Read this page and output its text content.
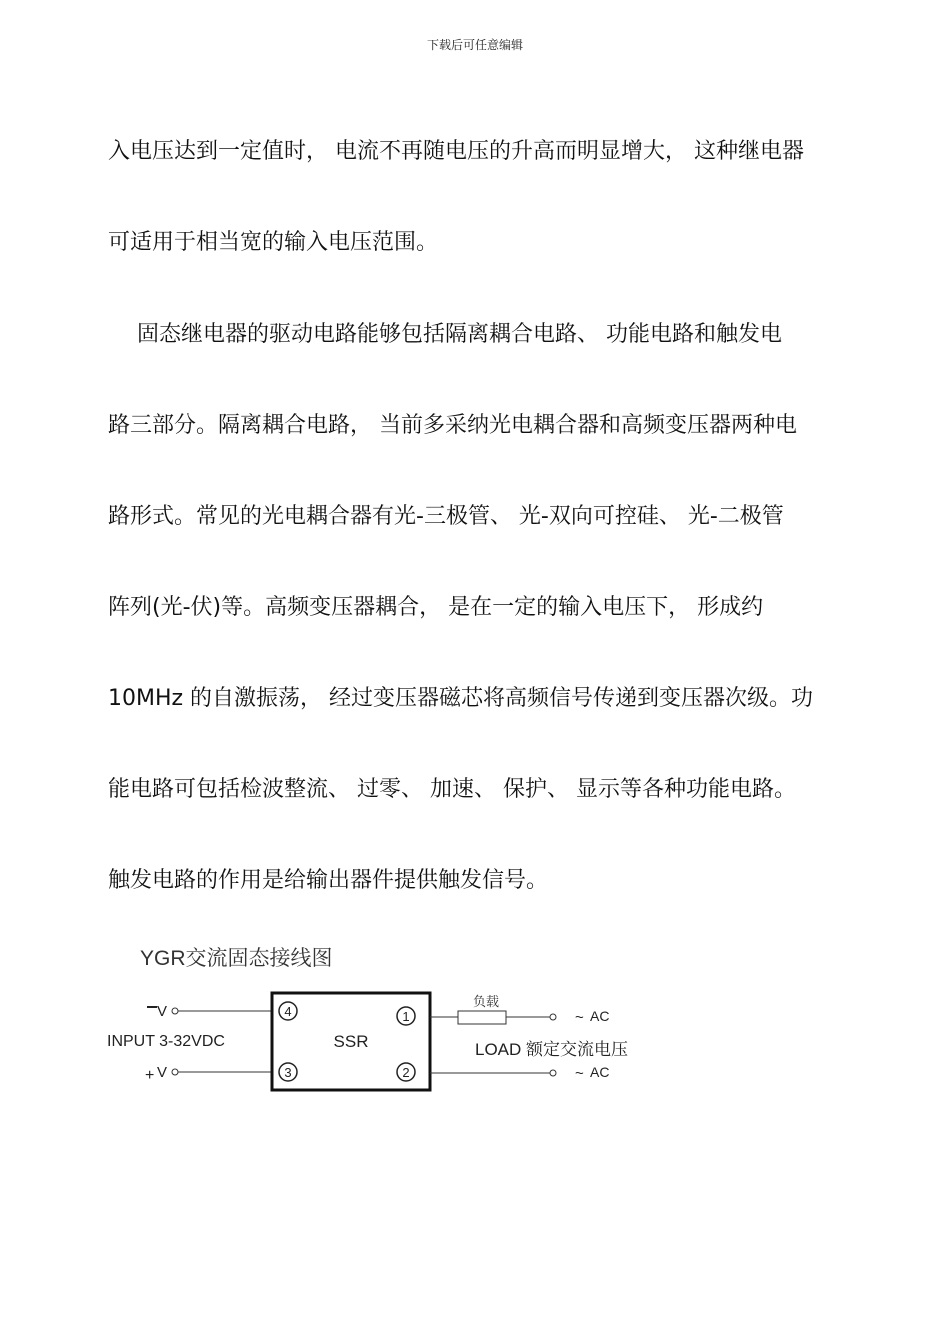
下载后可任意编辑
入电压达到一定值时， 电流不再随电压的升高而明显增大， 这种继电器
可适用于相当宽的输入电压范围。
　 固态继电器的驱动电路能够包括隔离耦合电路、 功能电路和触发电
路三部分。隔离耦合电路， 当前多采纳光电耦合器和高频变压器两种电
路形式。常见的光电耦合器有光-三极管、 光-双向可控硅、 光-二极管
阵列(光-伏)等。高频变压器耦合， 是在一定的输入电压下， 形成约
10MHz 的自激振荡， 经过变压器磁芯将高频信号传递到变压器次级。功
能电路可包括检波整流、 过零、 加速、 保护、 显示等各种功能电路。
触发电路的作用是给输出器件提供触发信号。
YGR交流固态接线图
V
INPUT 3-32VDC
+ V
SSR
4	1
3	2
负载
~ AC
LOAD 额定交流电压
~ AC
